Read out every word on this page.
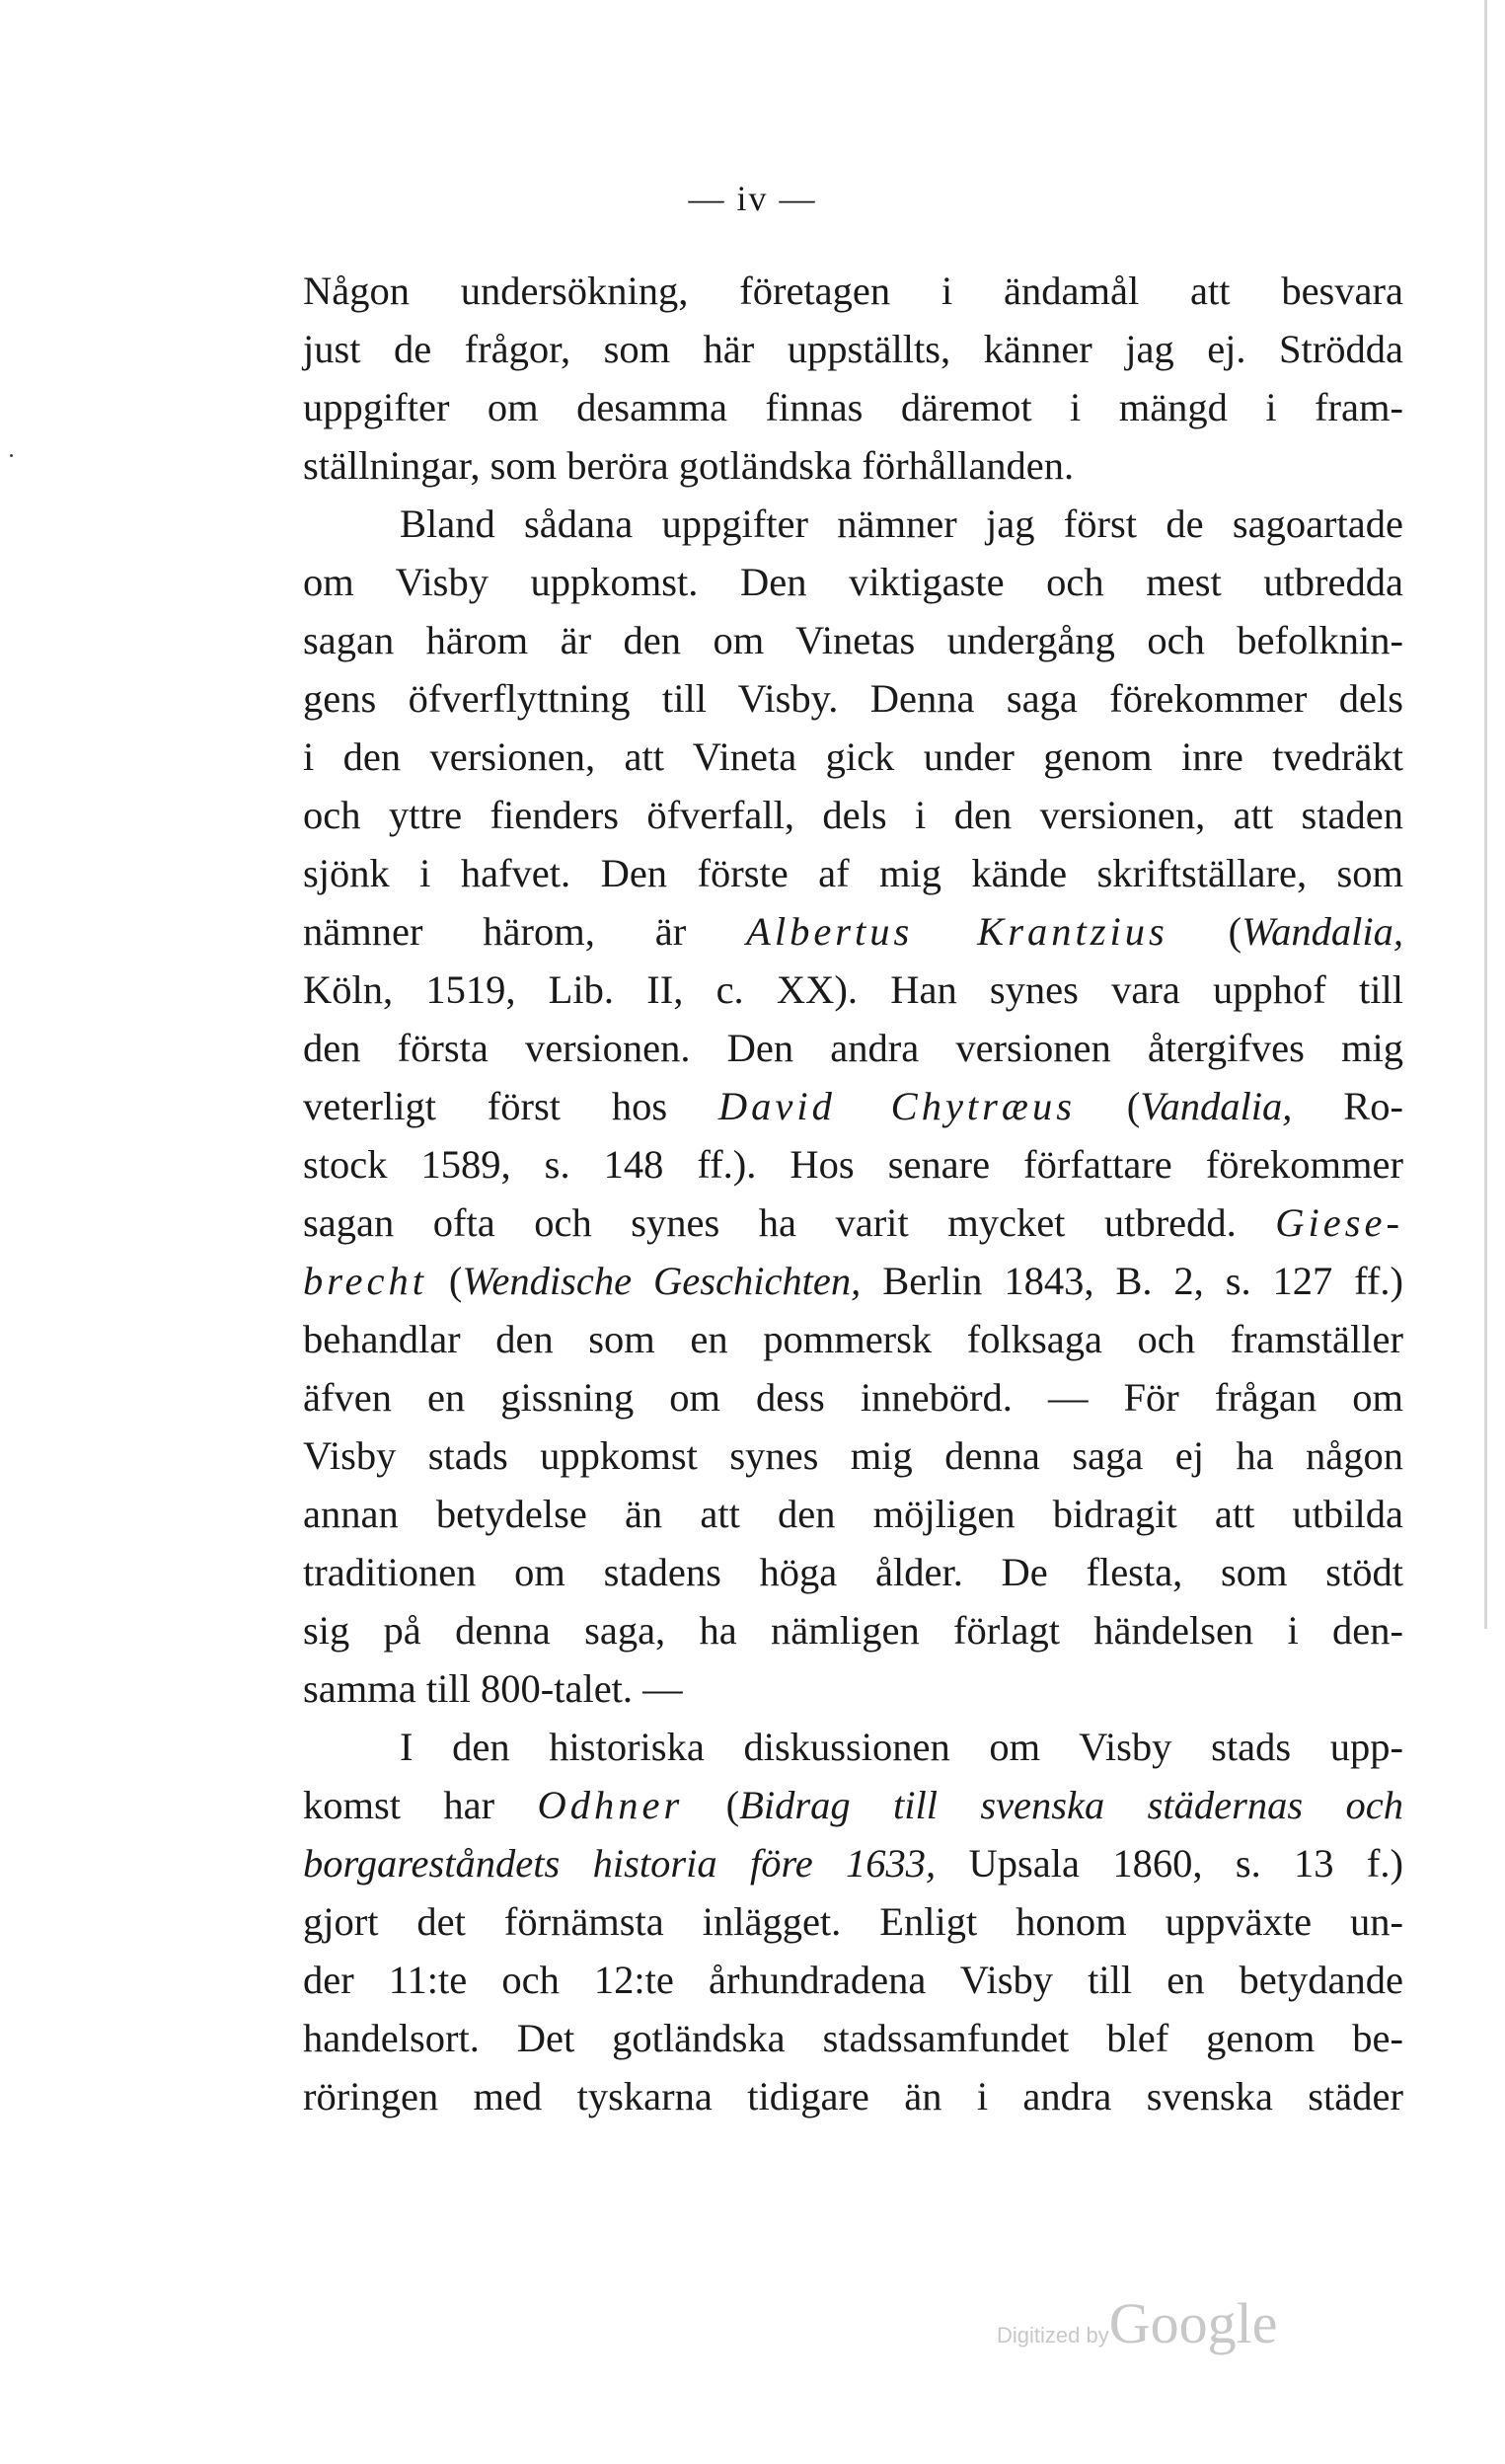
— iv —
Någon undersökning, företagen i ändamål att besvara
just de frågor, som här uppställts, känner jag ej. Strödda
uppgifter om desamma finnas däremot i mängd i fram-
ställningar, som beröra gotländska förhållanden.
Bland sådana uppgifter nämner jag först de sagoartade
om Visby uppkomst. Den viktigaste och mest utbredda
sagan härom är den om Vinetas undergång och befolknin-
gens öfverflyttning till Visby. Denna saga förekommer dels
i den versionen, att Vineta gick under genom inre tvedräkt
och yttre fienders öfverfall, dels i den versionen, att staden
sjönk i hafvet. Den förste af mig kände skriftställare, som
nämner härom, är Albertus Krantzius (Wandalia,
Köln, 1519, Lib. II, c. XX). Han synes vara upphof till
den första versionen. Den andra versionen återgifves mig
veterligt först hos David Chytræus (Vandalia, Ro-
stock 1589, s. 148 ff.). Hos senare författare förekommer
sagan ofta och synes ha varit mycket utbredd. Giese-
brecht (Wendische Geschichten, Berlin 1843, B. 2, s. 127 ff.)
behandlar den som en pommersk folksaga och framställer
äfven en gissning om dess innebörd. — För frågan om
Visby stads uppkomst synes mig denna saga ej ha någon
annan betydelse än att den möjligen bidragit att utbilda
traditionen om stadens höga ålder. De flesta, som stödt
sig på denna saga, ha nämligen förlagt händelsen i den-
samma till 800-talet. —
I den historiska diskussionen om Visby stads upp-
komst har Odhner (Bidrag till svenska städernas och
borgareståndets historia före 1633, Upsala 1860, s. 13 f.)
gjort det förnämsta inlägget. Enligt honom uppväxte un-
der 11:te och 12:te århundradena Visby till en betydande
handelsort. Det gotländska stadssamfundet blef genom be-
röringen med tyskarna tidigare än i andra svenska städer
Digitized byGoogle
